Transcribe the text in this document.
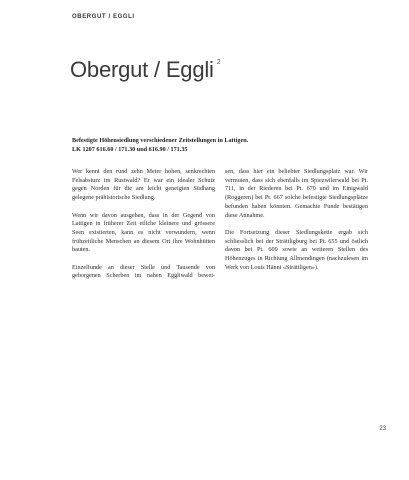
OBERGUT / EGGLI
Obergut / Eggli $^2$
Befestigte Höhensiedlung verschiedener Zeitstellungen in Lattigen.
LK 1207 616.60 / 171.30 und 616.90 / 171.35

Wer kennt den rund zehn Meter hohen, senkrechten Felsabsturz im Rustwald? Er war ein idealer Schutz gegen Norden für die am leicht geneigten Südhang gelegene prähistorische Siedlung.

Wenn wir davon ausgehen, dass in der Gegend von Lattigen in früherer Zeit etliche kleinere und grössere Seen existierten, kann es nicht verwundern, wenn frühzeitliche Menschen an diesem Ort ihre Wohnhütten bauten.

Einzelfunde an dieser Stelle und Tausende von geborgenen Scherben im nahen Eggliwald bewei-

sen, dass hier ein beliebter Siedlungsplatz war. Wir vermuten, dass sich ebenfalls im Spiezwilerwald bei Pt. 711, in der Riederen bei Pt. 670 und im Einigwald (Roggeren) bei Pt. 667 solche befestigte Siedlungsplätze befunden haben könnten. Gemachte Funde bestätigen diese Annahme.

Die Fortsetzung dieser Siedlungskette ergab sich schliesslich bei der Strättligburg bei Pt. 655 und östlich davon bei Pt. 609 sowie an weiteren Stellen des Höhenzuges in Richtung Allmendingen (nachzulesen im Werk von Louis Hänni «Strättligen»).

23
